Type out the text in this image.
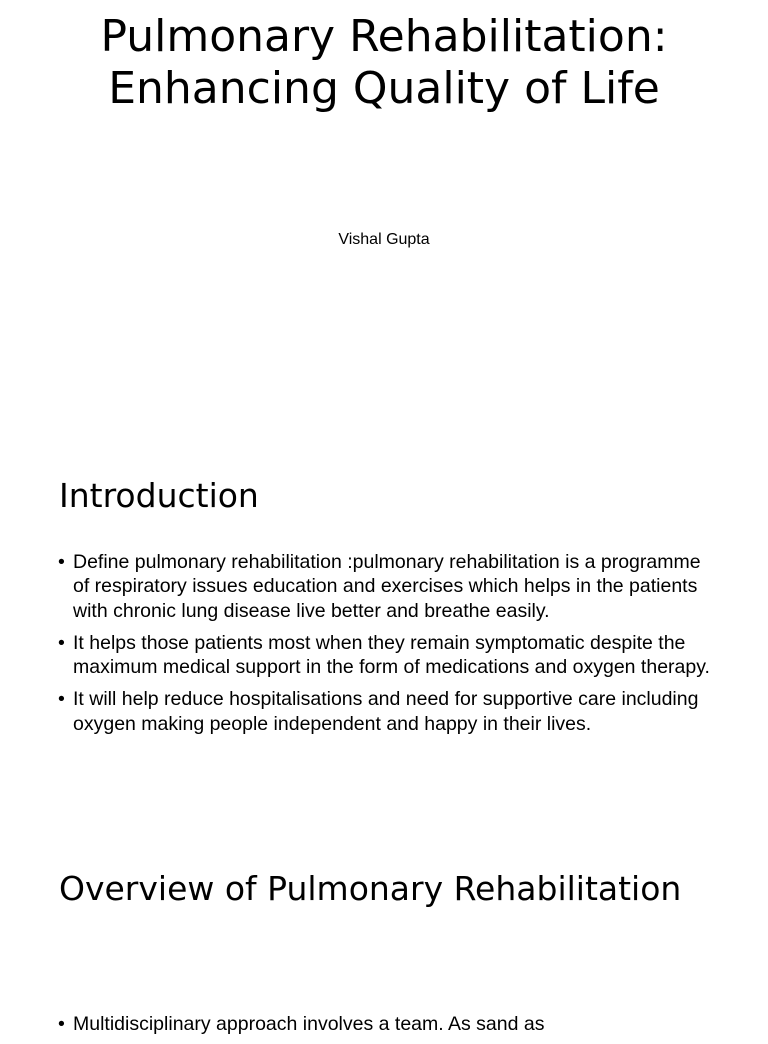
Pulmonary Rehabilitation: Enhancing Quality of Life

Vishal Gupta

Introduction
• Define pulmonary rehabilitation :pulmonary rehabilitation is a programme of respiratory issues education and exercises which helps in the patients with chronic lung disease live better and breathe easily.
• It helps those patients most when they remain symptomatic despite the maximum medical support in the form of medications and oxygen therapy.
• It will help reduce hospitalisations and need for supportive care including oxygen making people independent and happy in their lives.
Overview of Pulmonary Rehabilitation
• Multidisciplinary approach involves a team. As sand as
